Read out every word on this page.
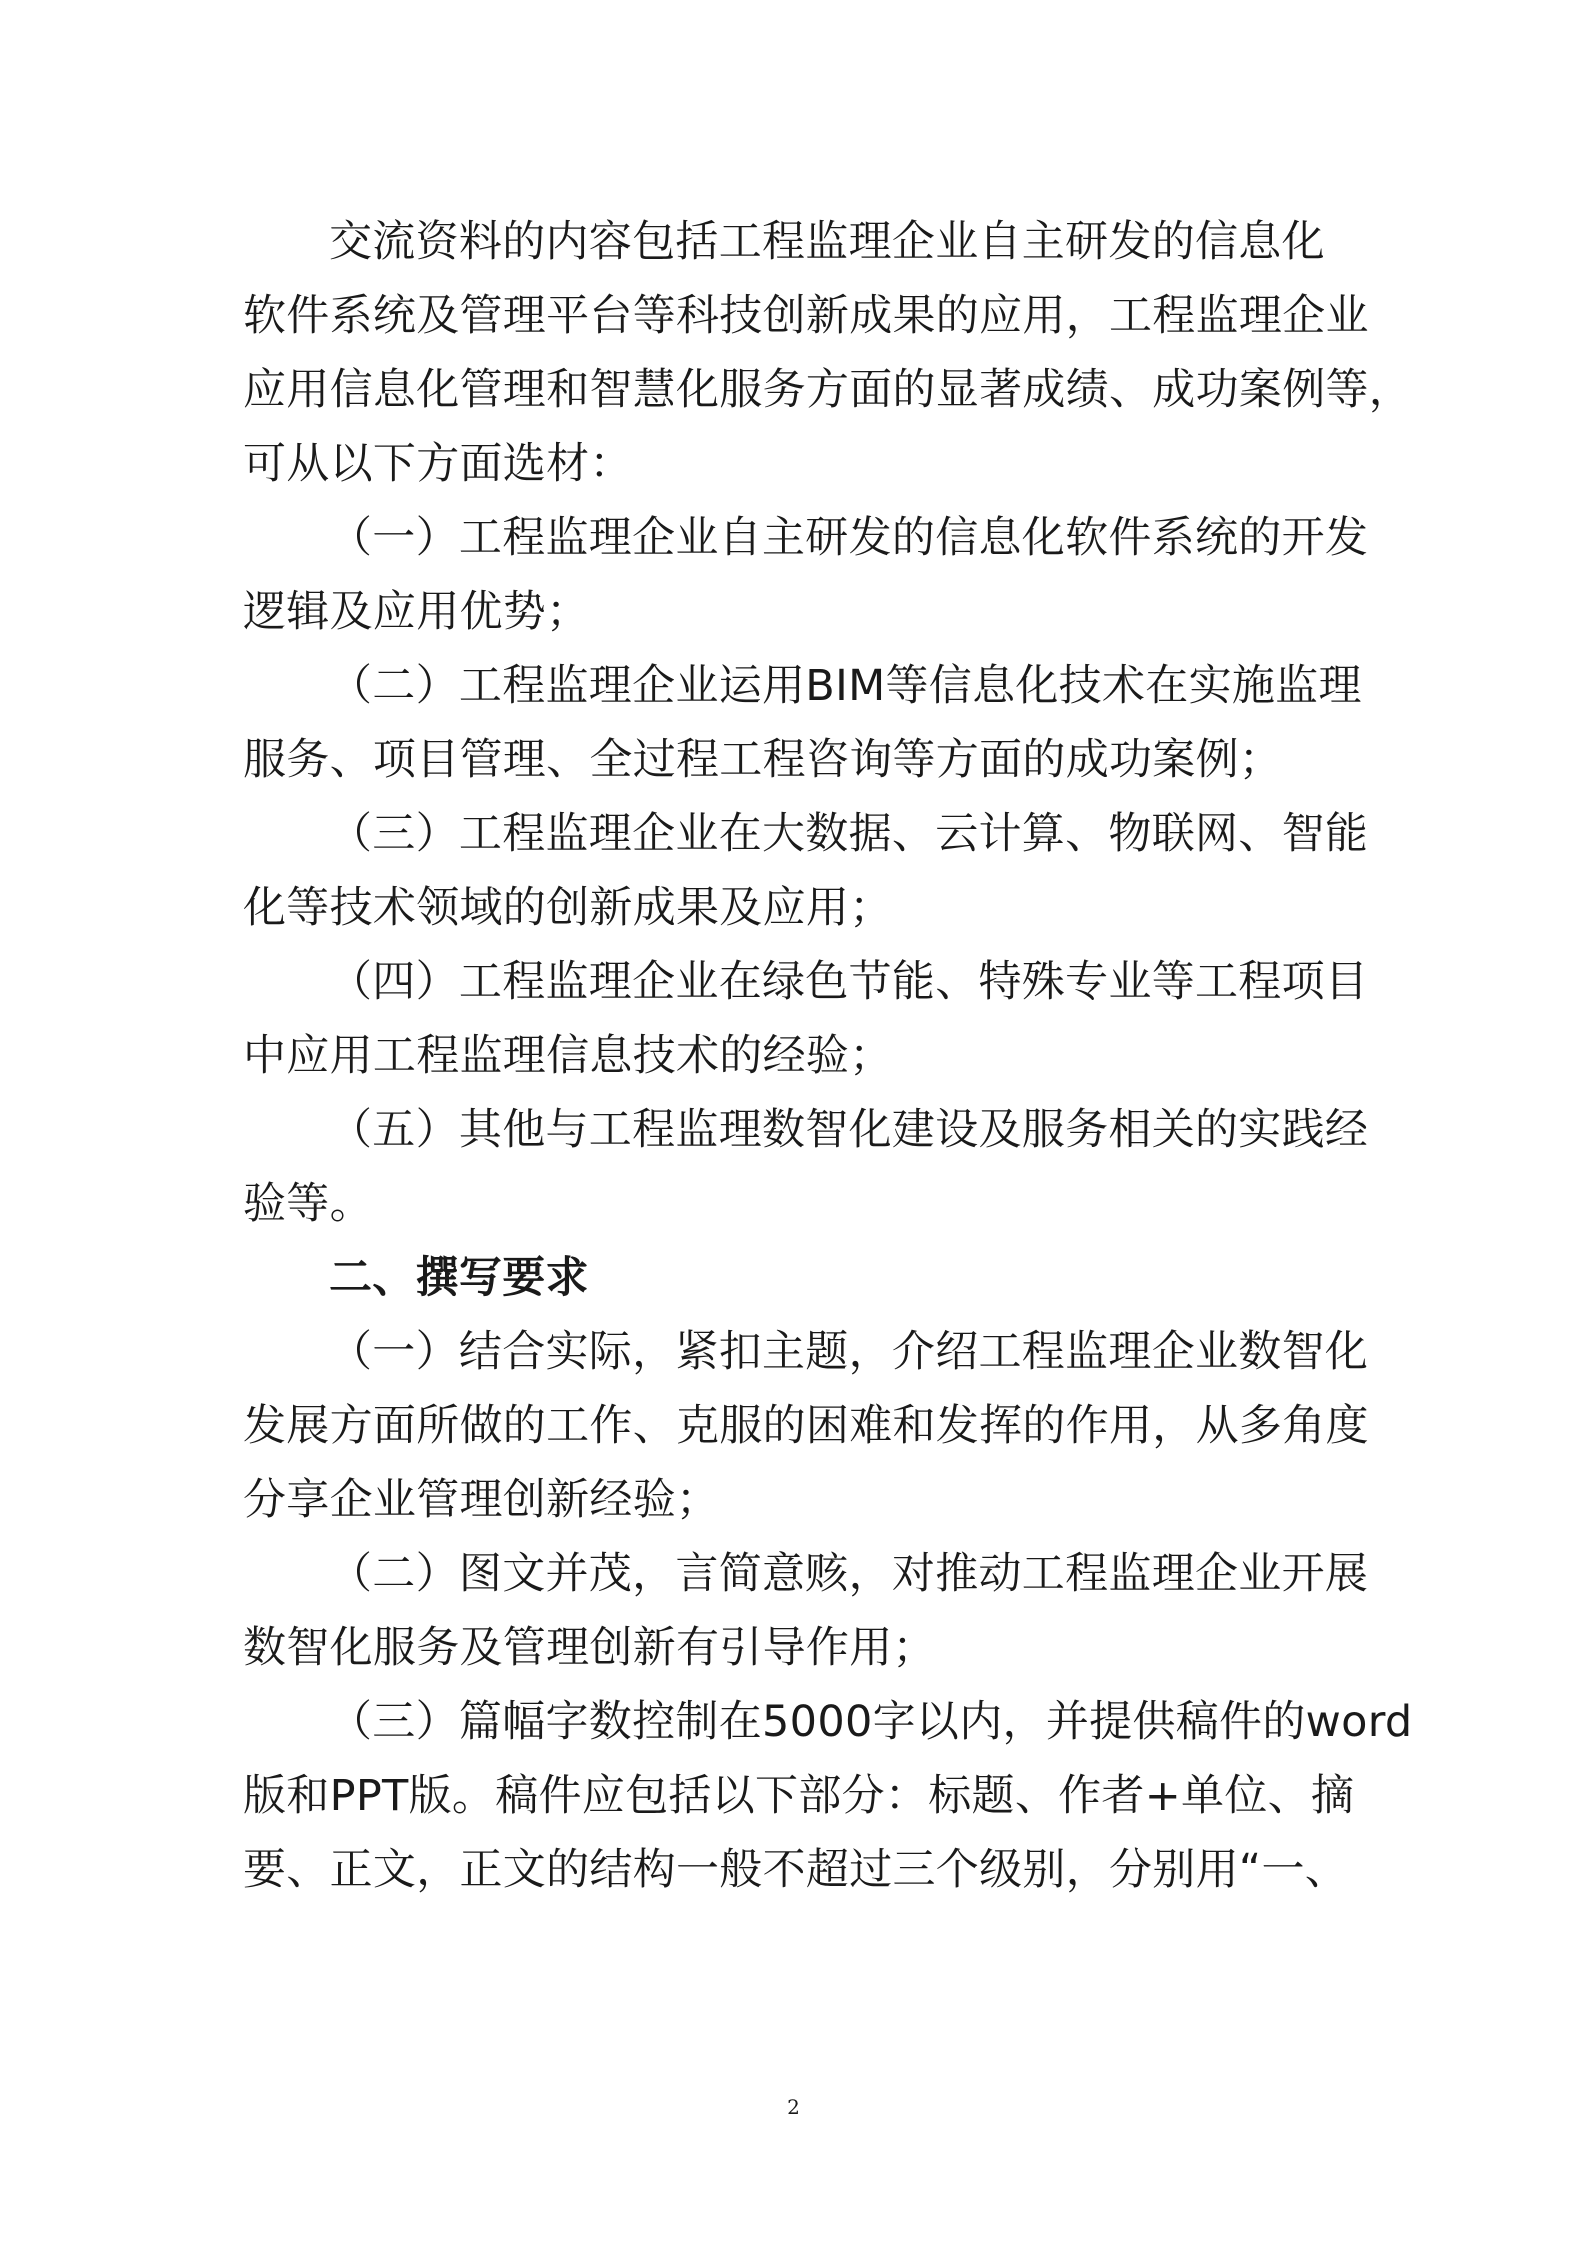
交流资料的内容包括工程监理企业自主研发的信息化
软件系统及管理平台等科技创新成果的应用，工程监理企业
应用信息化管理和智慧化服务方面的显著成绩、成功案例等，
可从以下方面选材：
（一）工程监理企业自主研发的信息化软件系统的开发
逻辑及应用优势；
（二）工程监理企业运用BIM等信息化技术在实施监理
服务、项目管理、全过程工程咨询等方面的成功案例；
（三）工程监理企业在大数据、云计算、物联网、智能
化等技术领域的创新成果及应用；
（四）工程监理企业在绿色节能、特殊专业等工程项目
中应用工程监理信息技术的经验；
（五）其他与工程监理数智化建设及服务相关的实践经
验等。
二、撰写要求
（一）结合实际，紧扣主题，介绍工程监理企业数智化
发展方面所做的工作、克服的困难和发挥的作用，从多角度
分享企业管理创新经验；
（二）图文并茂，言简意赅，对推动工程监理企业开展
数智化服务及管理创新有引导作用；
（三）篇幅字数控制在5000字以内，并提供稿件的word
版和PPT版。稿件应包括以下部分：标题、作者+单位、摘
要、正文，正文的结构一般不超过三个级别，分别用“一、
2
